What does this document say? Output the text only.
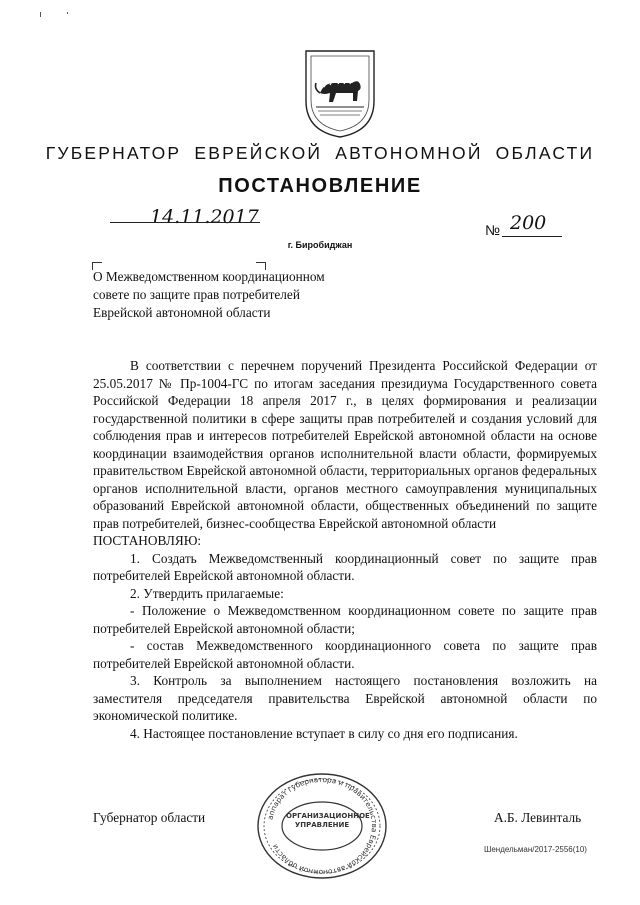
ГУБЕРНАТОР ЕВРЕЙСКОЙ АВТОНОМНОЙ ОБЛАСТИ
ПОСТАНОВЛЕНИЕ
14.11.2017
№ 200
г. Биробиджан
О Межведомственном координационном
совете по защите прав потребителей
Еврейской автономной области

В соответствии с перечнем поручений Президента Российской Федерации от 25.05.2017 № Пр-1004-ГС по итогам заседания президиума Государственного совета Российской Федерации 18 апреля 2017 г., в целях формирования и реализации государственной политики в сфере защиты прав потребителей и создания условий для соблюдения прав и интересов потребителей Еврейской автономной области на основе координации взаимодействия органов исполнительной власти области, формируемых правительством Еврейской автономной области, территориальных органов федеральных органов исполнительной власти, органов местного самоуправления муниципальных образований Еврейской автономной области, общественных объединений по защите прав потребителей, бизнес-сообщества Еврейской автономной области

ПОСТАНОВЛЯЮ:

1. Создать Межведомственный координационный совет по защите прав потребителей Еврейской автономной области.

2. Утвердить прилагаемые:

- Положение о Межведомственном координационном совете по защите прав потребителей Еврейской автономной области;

- состав Межведомственного координационного совета по защите прав потребителей Еврейской автономной области.

3. Контроль за выполнением настоящего постановления возложить на заместителя председателя правительства Еврейской автономной области по экономической политике.

4. Настоящее постановление вступает в силу со дня его подписания.

Губернатор области	аппарат губернатора и правительства Еврейской автономной области
ОРГАНИЗАЦИОННОЕ УПРАВЛЕНИЕ	А.Б. Левинталь
Шендельман/2017-2556(10)
